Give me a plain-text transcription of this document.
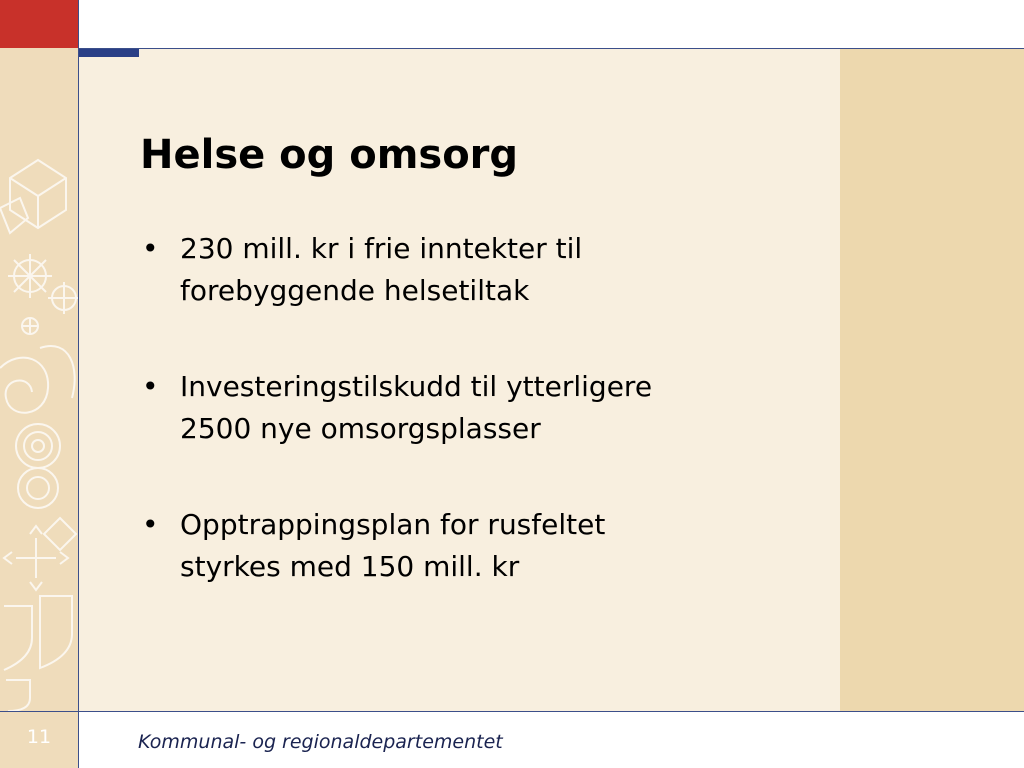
Helse og omsorg
• 230 mill. kr i frie inntekter til
forebyggende helsetiltak
• Investeringstilskudd til ytterligere
2500 nye omsorgsplasser
• Opptrappingsplan for rusfeltet
styrkes med 150 mill. kr
11	Kommunal- og regionaldepartementet
